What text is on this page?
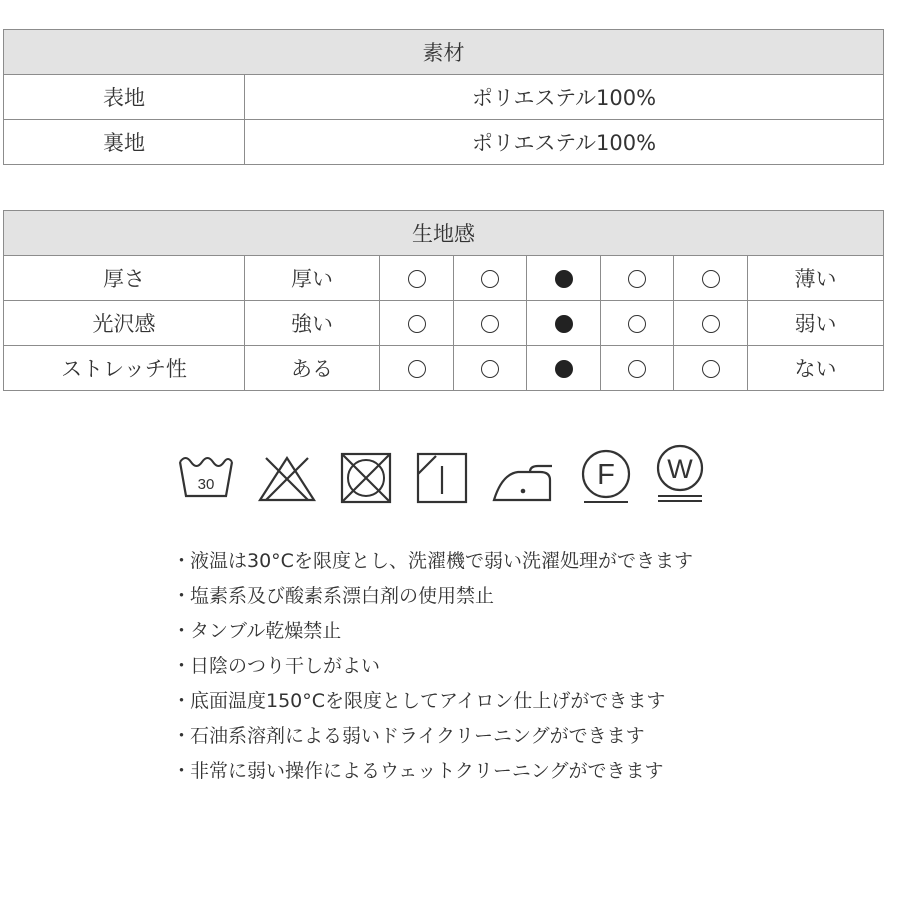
素材	
表地	ポリエステル100%
裏地	ポリエステル100%
生地感							
厚さ	厚い						薄い
光沢感	強い						弱い
ストレッチ性	ある						ない
30	F W
・液温は30°Cを限度とし、洗濯機で弱い洗濯処理ができます
・塩素系及び酸素系漂白剤の使用禁止
・タンブル乾燥禁止
・日陰のつり干しがよい
・底面温度150°Cを限度としてアイロン仕上げができます
・石油系溶剤による弱いドライクリーニングができます
・非常に弱い操作によるウェットクリーニングができます
